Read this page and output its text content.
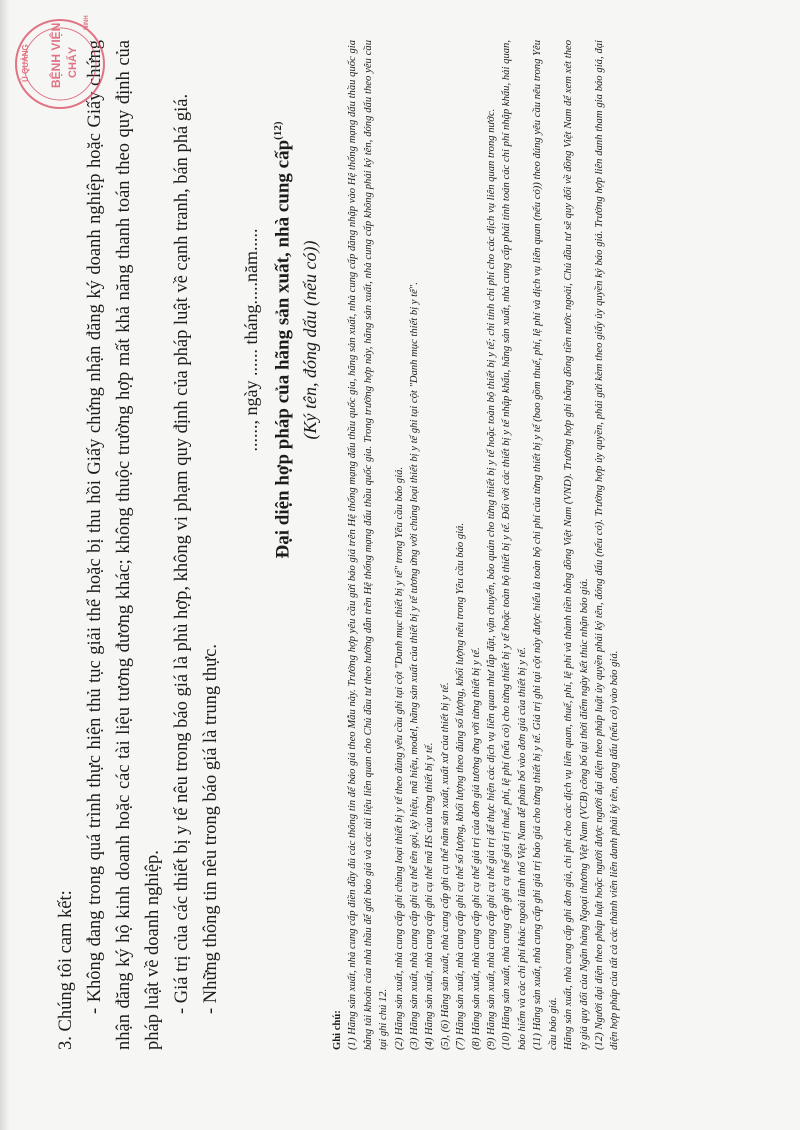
3. Chúng tôi cam kết: - Không đang trong quá trình thực hiện thủ tục giải thể hoặc bị thu hồi Giấy chứng nhận đăng ký doanh nghiệp hoặc Giấy chứng nhận đăng ký hộ kinh doanh hoặc các tài liệu tương đương khác; không thuộc trường hợp mất khả năng thanh toán theo quy định của pháp luật về doanh nghiệp. - Giá trị của các thiết bị y tế nêu trong báo giá là phù hợp, không vi phạm quy định của pháp luật về cạnh tranh, bán phá giá. - Những thông tin nêu trong báo giá là trung thực.

......, ngày ...... tháng.....năm..... Đại diện hợp pháp của hãng sản xuất, nhà cung cấp$^{(12)}$
(Ký tên, đóng dấu (nếu có))

Ghi chú: (1) Hãng sản xuất, nhà cung cấp điền đầy đủ các thông tin để báo giá theo Mẫu này. Trường hợp yêu cầu gửi báo giá trên Hệ thống mạng đấu thầu quốc gia, hãng sản xuất, nhà cung cấp đăng nhập vào Hệ thống mạng đấu thầu quốc gia bằng tài khoản của nhà thầu để gửi báo giá và các tài liệu liên quan cho Chủ đầu tư theo hướng dẫn trên Hệ thống mạng đấu thầu quốc gia. Trong trường hợp này, hãng sản xuất, nhà cung cấp không phải ký tên, đóng dấu theo yêu cầu tại ghi chú 12. (2) Hãng sản xuất, nhà cung cấp ghi chủng loại thiết bị y tế theo đúng yêu cầu ghi tại cột "Danh mục thiết bị y tế" trong Yêu cầu báo giá. (3) Hãng sản xuất, nhà cung cấp ghi cụ thể tên gọi, ký hiệu, mã hiệu, model, hãng sản xuất của thiết bị y tế tương ứng với chủng loại thiết bị y tế ghi tại cột "Danh mục thiết bị y tế". (4) Hãng sản xuất, nhà cung cấp ghi cụ thể mã HS của từng thiết bị y tế. (5), (6) Hãng sản xuất, nhà cung cấp ghi cụ thể năm sản xuất, xuất xứ của thiết bị y tế. (7) Hãng sản xuất, nhà cung cấp ghi cụ thể số lượng, khối lượng theo đúng số lượng, khối lượng nêu trong Yêu cầu báo giá. (8) Hãng sản xuất, nhà cung cấp ghi cụ thể giá trị của đơn giá tương ứng với từng thiết bị y tế. (9) Hãng sản xuất, nhà cung cấp ghi cụ thể giá trị để thực hiện các dịch vụ liên quan như lắp đặt, vận chuyển, bảo quản cho từng thiết bị y tế hoặc toàn bộ thiết bị y tế; chi tính chi phí cho các dịch vụ liên quan trong nước. (10) Hãng sản xuất, nhà cung cấp ghi cụ thể giá trị thuế, phí, lệ phí (nếu có) cho từng thiết bị y tế hoặc toàn bộ thiết bị y tế. Đối với các thiết bị y tế nhập khẩu, hãng sản xuất, nhà cung cấp phải tính toán các chi phí nhập khẩu, hải quan, bảo hiểm và các chi phí khác ngoài lãnh thổ Việt Nam để phân bổ vào đơn giá của thiết bị y tế. (11) Hãng sản xuất, nhà cung cấp ghi giá trị báo giá cho từng thiết bị y tế. Giá trị ghi tại cột này được hiểu là toàn bộ chi phí của từng thiết bị y tế (bao gồm thuế, phí, lệ phí và dịch vụ liên quan (nếu có)) theo đúng yêu cầu nêu trong Yêu cầu báo giá. Hãng sản xuất, nhà cung cấp ghi đơn giá, chi phí cho các dịch vụ liên quan, thuế, phí, lệ phí và thành tiền bằng đồng Việt Nam (VND). Trường hợp ghi bằng đồng tiền nước ngoài, Chủ đầu tư sẽ quy đổi về đồng Việt Nam để xem xét theo tỷ giá quy đổi của Ngân hàng Ngoại thương Việt Nam (VCB) công bố tại thời điểm ngày kết thúc nhận báo giá. (12) Người đại diện theo pháp luật hoặc người được người đại diện theo pháp luật ủy quyền phải ký tên, đóng dấu (nếu có). Trường hợp ủy quyền, phải gửi kèm theo giấy ủy quyền ký báo giá. Trường hợp liên danh tham gia báo giá, đại diện hợp pháp của tất cả các thành viên liên danh phải ký tên, đóng dấu (nếu có) vào báo giá.

Ủ QUẢNG BỆNH VIỆN CHẤY
NINH
